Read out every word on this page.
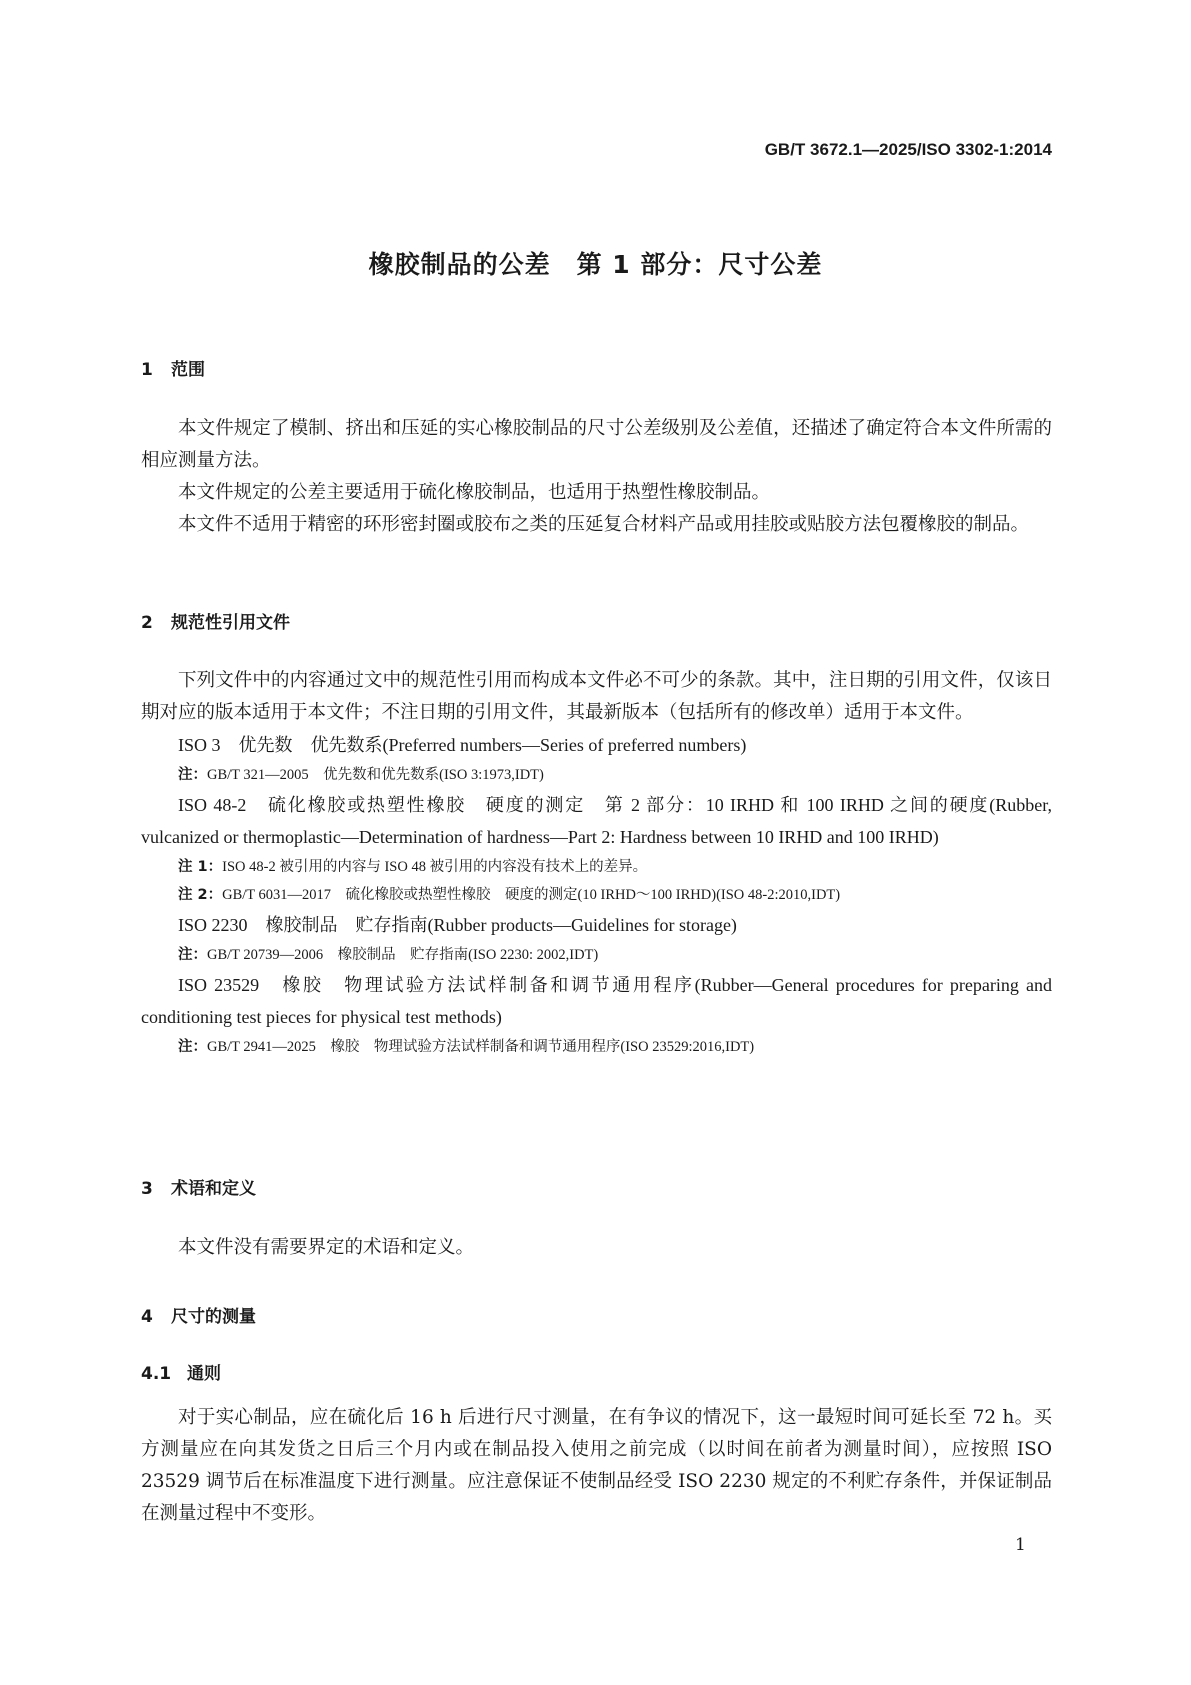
GB/T 3672.1—2025/ISO 3302-1:2014
橡胶制品的公差　第 1 部分：尺寸公差
1 范围
本文件规定了模制、挤出和压延的实心橡胶制品的尺寸公差级别及公差值，还描述了确定符合本文件所需的相应测量方法。
本文件规定的公差主要适用于硫化橡胶制品，也适用于热塑性橡胶制品。
本文件不适用于精密的环形密封圈或胶布之类的压延复合材料产品或用挂胶或贴胶方法包覆橡胶的制品。
2 规范性引用文件
下列文件中的内容通过文中的规范性引用而构成本文件必不可少的条款。其中，注日期的引用文件，仅该日期对应的版本适用于本文件；不注日期的引用文件，其最新版本（包括所有的修改单）适用于本文件。
ISO 3　优先数　优先数系(Preferred numbers—Series of preferred numbers)
注：GB/T 321—2005　优先数和优先数系(ISO 3:1973,IDT)
ISO 48-2　硫化橡胶或热塑性橡胶　硬度的测定　第 2 部分：10 IRHD 和 100 IRHD 之间的硬度(Rubber, vulcanized or thermoplastic—Determination of hardness—Part 2: Hardness between 10 IRHD and 100 IRHD)
注 1：ISO 48-2 被引用的内容与 ISO 48 被引用的内容没有技术上的差异。
注 2：GB/T 6031—2017　硫化橡胶或热塑性橡胶　硬度的测定(10 IRHD～100 IRHD)(ISO 48-2:2010,IDT)
ISO 2230　橡胶制品　贮存指南(Rubber products—Guidelines for storage)
注：GB/T 20739—2006　橡胶制品　贮存指南(ISO 2230: 2002,IDT)
ISO 23529　橡胶　物理试验方法试样制备和调节通用程序(Rubber—General procedures for preparing and conditioning test pieces for physical test methods)
注：GB/T 2941—2025　橡胶　物理试验方法试样制备和调节通用程序(ISO 23529:2016,IDT)
3 术语和定义
本文件没有需要界定的术语和定义。
4 尺寸的测量
4.1 通则
对于实心制品，应在硫化后 16 h 后进行尺寸测量，在有争议的情况下，这一最短时间可延长至 72 h。买方测量应在向其发货之日后三个月内或在制品投入使用之前完成（以时间在前者为测量时间），应按照 ISO 23529 调节后在标准温度下进行测量。应注意保证不使制品经受 ISO 2230 规定的不利贮存条件，并保证制品在测量过程中不变形。
1
